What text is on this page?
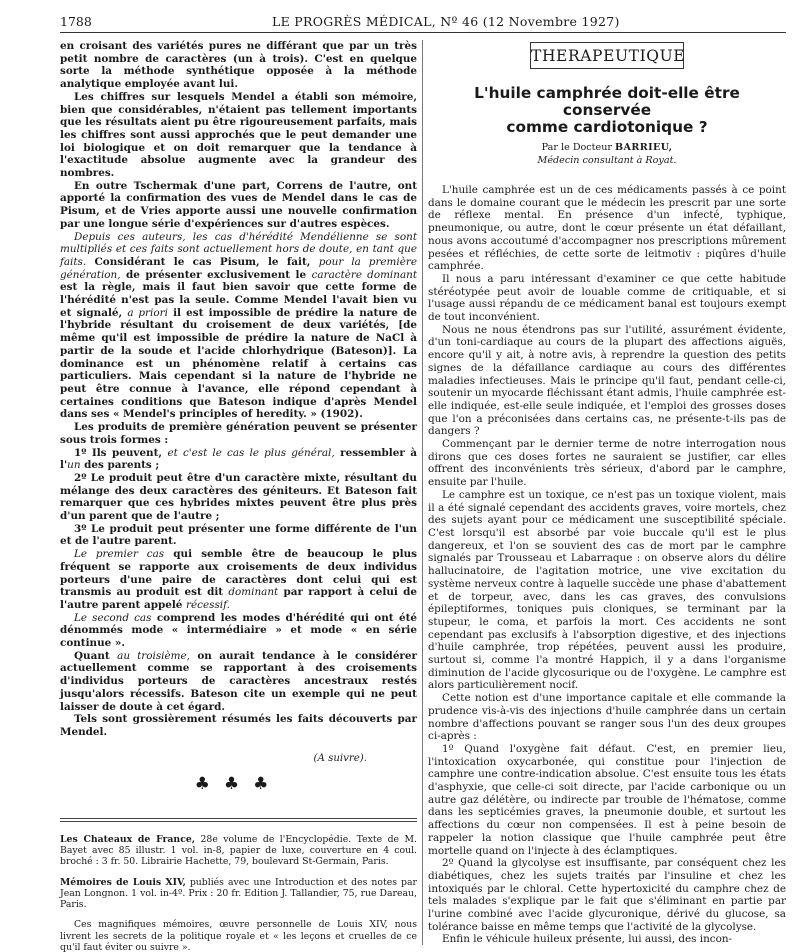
1788	LE PROGRÈS MÉDICAL, Nº 46 (12 Novembre 1927)

en croisant des variétés pures ne différant que par un très petit nombre de caractères (un à trois). C'est en quelque sorte la méthode synthétique opposée à la méthode analytique employée avant lui.

Les chiffres sur lesquels Mendel a établi son mémoire, bien que considérables, n'étaient pas tellement importants que les résultats aient pu être rigoureusement parfaits, mais les chiffres sont aussi approchés que le peut demander une loi biologique et on doit remarquer que la tendance à l'exactitude absolue augmente avec la grandeur des nombres.

En outre Tschermak d'une part, Correns de l'autre, ont apporté la confirmation des vues de Mendel dans le cas de Pisum, et de Vries apporte aussi une nouvelle confirmation par une longue série d'expériences sur d'autres espèces.

Depuis ces auteurs, les cas d'hérédité Mendélienne se sont multipliés et ces faits sont actuellement hors de doute, en tant que faits. Considérant le cas Pisum, le fait, pour la première génération, de présenter exclusivement le caractère dominant est la règle, mais il faut bien savoir que cette forme de l'hérédité n'est pas la seule. Comme Mendel l'avait bien vu et signalé, a priori il est impossible de prédire la nature de l'hybride résultant du croisement de deux variétés, [de même qu'il est impossible de prédire la nature de NaCl à partir de la soude et l'acide chlorhydrique (Bateson)]. La dominance est un phénomène relatif à certains cas particuliers. Mais cependant si la nature de l'hybride ne peut être connue à l'avance, elle répond cependant à certaines conditions que Bateson indique d'après Mendel dans ses « Mendel's principles of heredity. » (1902).

Les produits de première génération peuvent se présenter sous trois formes :

1º Ils peuvent, et c'est le cas le plus général, ressembler à l'un des parents ;

2º Le produit peut être d'un caractère mixte, résultant du mélange des deux caractères des géniteurs. Et Bateson fait remarquer que ces hybrides mixtes peuvent être plus près d'un parent que de l'autre ;

3º Le produit peut présenter une forme différente de l'un et de l'autre parent.

Le premier cas qui semble être de beaucoup le plus fréquent se rapporte aux croisements de deux individus porteurs d'une paire de caractères dont celui qui est transmis au produit est dit dominant par rapport à celui de l'autre parent appelé récessif.

Le second cas comprend les modes d'hérédité qui ont été dénommés mode « intermédiaire » et mode « en série continue ».

Quant au troisième, on aurait tendance à le considérer actuellement comme se rapportant à des croisements d'individus porteurs de caractères ancestraux restés jusqu'alors récessifs. Bateson cite un exemple qui ne peut laisser de doute à cet égard.

Tels sont grossièrement résumés les faits découverts par Mendel.

(A suivre).
♣♣♣

Les Chateaux de France, 28e volume de l'Encyclopédie. Texte de M. Bayet avec 85 illustr. 1 vol. in-8, papier de luxe, couverture en 4 coul. broché : 3 fr. 50. Librairie Hachette, 79, boulevard St-Germain, Paris.

Mémoires de Louis XIV, publiés avec une Introduction et des notes par Jean Longnon. 1 vol. in-4º. Prix : 20 fr. Edition J. Tallandier, 75, rue Dareau, Paris.

Ces magnifiques mémoires, œuvre personnelle de Louis XIV, nous livrent les secrets de la politique royale et « les leçons et cruelles de ce qu'il faut éviter ou suivre ».

THERAPEUTIQUE
L'huile camphrée doit-elle être conservée
comme cardiotonique ?
Par le Docteur BARRIEU,
Médecin consultant à Royat.

L'huile camphrée est un de ces médicaments passés à ce point dans le domaine courant que le médecin les prescrit par une sorte de réflexe mental. En présence d'un infecté, typhique, pneumonique, ou autre, dont le cœur présente un état défaillant, nous avons accoutumé d'accompagner nos prescriptions mûrement pesées et réfléchies, de cette sorte de leitmotiv : piqûres d'huile camphrée.

Il nous a paru intéressant d'examiner ce que cette habitude stéréotypée peut avoir de louable comme de critiquable, et si l'usage aussi répandu de ce médicament banal est toujours exempt de tout inconvénient.

Nous ne nous étendrons pas sur l'utilité, assurément évidente, d'un toni-cardiaque au cours de la plupart des affections aiguës, encore qu'il y ait, à notre avis, à reprendre la question des petits signes de la défaillance cardiaque au cours des différentes maladies infectieuses. Mais le principe qu'il faut, pendant celle-ci, soutenir un myocarde fléchissant étant admis, l'huile camphrée est-elle indiquée, est-elle seule indiquée, et l'emploi des grosses doses que l'on a préconisées dans certains cas, ne présente-t-ils pas de dangers ?

Commençant par le dernier terme de notre interrogation nous dirons que ces doses fortes ne sauraient se justifier, car elles offrent des inconvénients très sérieux, d'abord par le camphre, ensuite par l'huile.

Le camphre est un toxique, ce n'est pas un toxique violent, mais il a été signalé cependant des accidents graves, voire mortels, chez des sujets ayant pour ce médicament une susceptibilité spéciale. C'est lorsqu'il est absorbé par voie buccale qu'il est le plus dangereux, et l'on se souvient des cas de mort par le camphre signalés par Trousseau et Labarraque : on observe alors du délire hallucinatoire, de l'agitation motrice, une vive excitation du système nerveux contre à laquelle succède une phase d'abattement et de torpeur, avec, dans les cas graves, des convulsions épileptiformes, toniques puis cloniques, se terminant par la stupeur, le coma, et parfois la mort. Ces accidents ne sont cependant pas exclusifs à l'absorption digestive, et des injections d'huile camphrée, trop répétées, peuvent aussi les produire, surtout si, comme l'a montré Happich, il y a dans l'organisme diminution de l'acide glycosurique ou de l'oxygène. Le camphre est alors particulièrement nocif.

Cette notion est d'une importance capitale et elle commande la prudence vis-à-vis des injections d'huile camphrée dans un certain nombre d'affections pouvant se ranger sous l'un des deux groupes ci-après :

1º Quand l'oxygène fait défaut. C'est, en premier lieu, l'intoxication oxycarbonée, qui constitue pour l'injection de camphre une contre-indication absolue. C'est ensuite tous les états d'asphyxie, que celle-ci soit directe, par l'acide carbonique ou un autre gaz délétère, ou indirecte par trouble de l'hématose, comme dans les septicémies graves, la pneumonie double, et surtout les affections du cœur non compensées. Il est à peine besoin de rappeler la notion classique que l'huile camphrée peut être mortelle quand on l'injecte à des éclamptiques.

2º Quand la glycolyse est insuffisante, par conséquent chez les diabétiques, chez les sujets traités par l'insuline et chez les intoxiqués par le chloral. Cette hypertoxicité du camphre chez de tels malades s'explique par le fait que s'éliminant en partie par l'urine combiné avec l'acide glycuronique, dérivé du glucose, sa tolérance baisse en même temps que l'activité de la glycolyse.

Enfin le véhicule huileux présente, lui aussi, des incon-
